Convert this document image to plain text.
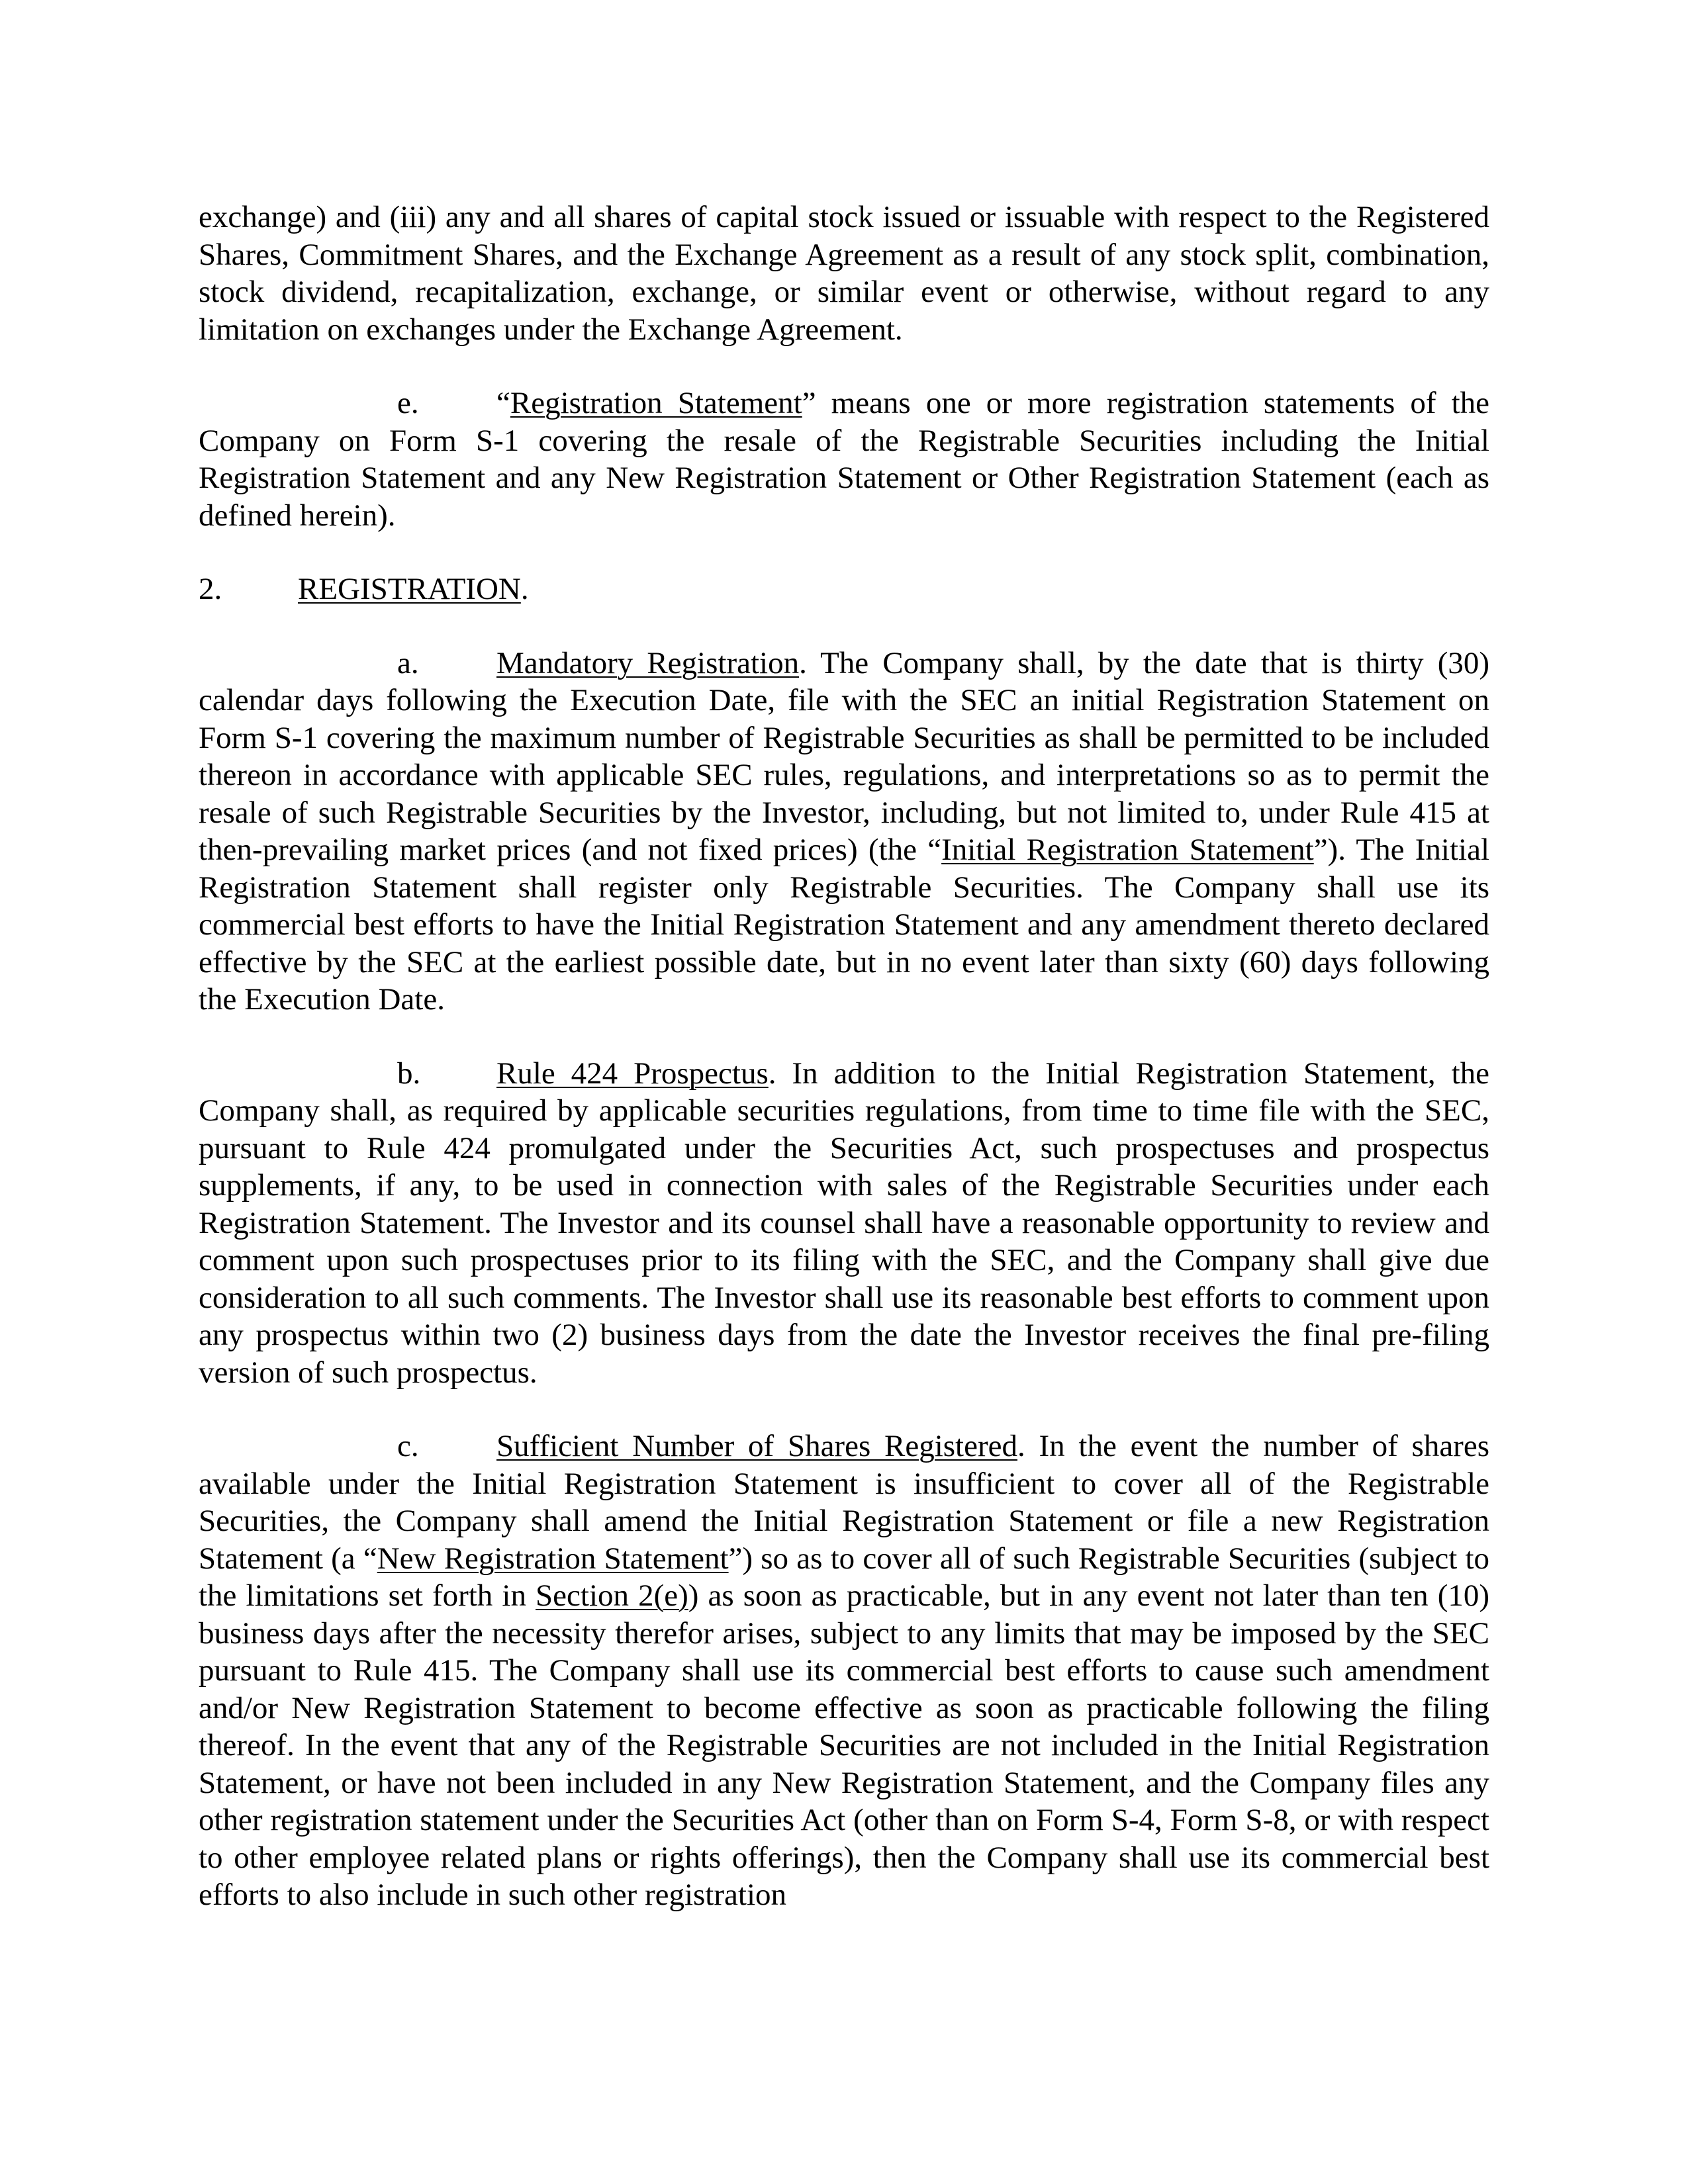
exchange) and (iii) any and all shares of capital stock issued or issuable with respect to the Registered Shares, Commitment Shares, and the Exchange Agreement as a result of any stock split, combination, stock dividend, recapitalization, exchange, or similar event or otherwise, without regard to any limitation on exchanges under the Exchange Agreement.

e. “Registration Statement” means one or more registration statements of the Company on Form S-1 covering the resale of the Registrable Securities including the Initial Registration Statement and any New Registration Statement or Other Registration Statement (each as defined herein).

2. REGISTRATION.

a. Mandatory Registration. The Company shall, by the date that is thirty (30) calendar days following the Execution Date, file with the SEC an initial Registration Statement on Form S-1 covering the maximum number of Registrable Securities as shall be permitted to be included thereon in accordance with applicable SEC rules, regulations, and interpretations so as to permit the resale of such Registrable Securities by the Investor, including, but not limited to, under Rule 415 at then-prevailing market prices (and not fixed prices) (the “Initial Registration Statement”). The Initial Registration Statement shall register only Registrable Securities. The Company shall use its commercial best efforts to have the Initial Registration Statement and any amendment thereto declared effective by the SEC at the earliest possible date, but in no event later than sixty (60) days following the Execution Date.

b. Rule 424 Prospectus. In addition to the Initial Registration Statement, the Company shall, as required by applicable securities regulations, from time to time file with the SEC, pursuant to Rule 424 promulgated under the Securities Act, such prospectuses and prospectus supplements, if any, to be used in connection with sales of the Registrable Securities under each Registration Statement. The Investor and its counsel shall have a reasonable opportunity to review and comment upon such prospectuses prior to its filing with the SEC, and the Company shall give due consideration to all such comments. The Investor shall use its reasonable best efforts to comment upon any prospectus within two (2) business days from the date the Investor receives the final pre-filing version of such prospectus.

c. Sufficient Number of Shares Registered. In the event the number of shares available under the Initial Registration Statement is insufficient to cover all of the Registrable Securities, the Company shall amend the Initial Registration Statement or file a new Registration Statement (a “New Registration Statement”) so as to cover all of such Registrable Securities (subject to the limitations set forth in Section 2(e)) as soon as practicable, but in any event not later than ten (10) business days after the necessity therefor arises, subject to any limits that may be imposed by the SEC pursuant to Rule 415. The Company shall use its commercial best efforts to cause such amendment and/or New Registration Statement to become effective as soon as practicable following the filing thereof. In the event that any of the Registrable Securities are not included in the Initial Registration Statement, or have not been included in any New Registration Statement, and the Company files any other registration statement under the Securities Act (other than on Form S-4, Form S-8, or with respect to other employee related plans or rights offerings), then the Company shall use its commercial best efforts to also include in such other registration
